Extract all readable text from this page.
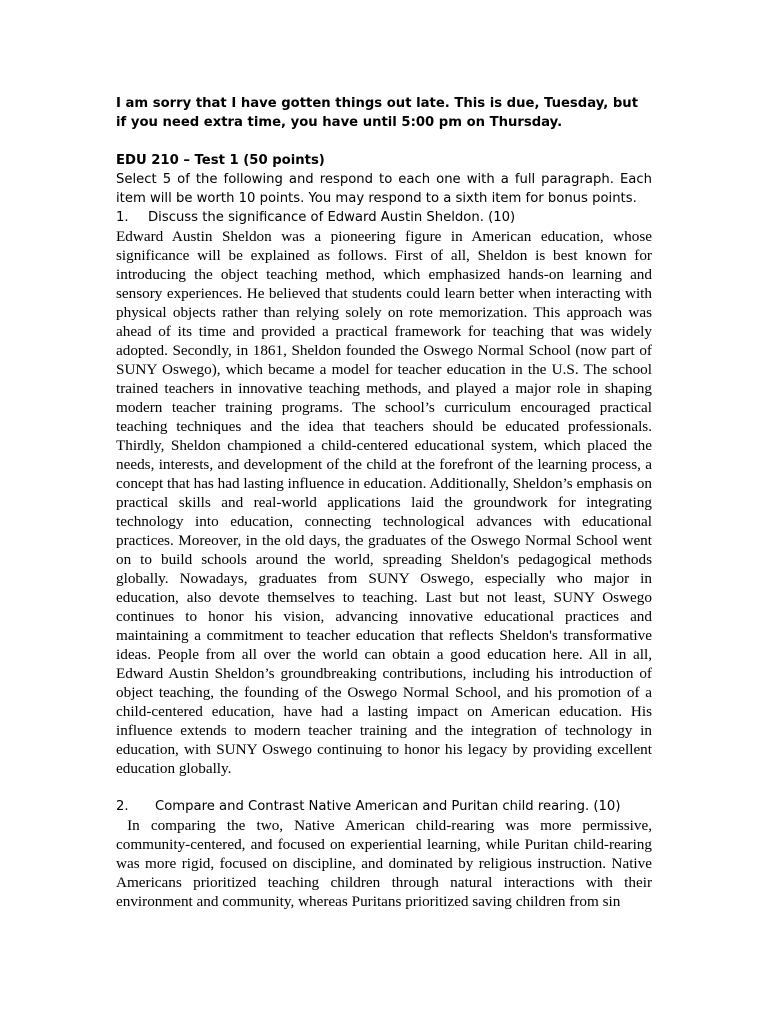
I am sorry that I have gotten things out late. This is due, Tuesday, but if you need extra time, you have until 5:00 pm on Thursday.

EDU 210 – Test 1 (50 points)

Select 5 of the following and respond to each one with a full paragraph. Each item will be worth 10 points. You may respond to a sixth item for bonus points.

1.	Discuss the significance of Edward Austin Sheldon. (10)

Edward Austin Sheldon was a pioneering figure in American education, whose significance will be explained as follows. First of all, Sheldon is best known for introducing the object teaching method, which emphasized hands-on learning and sensory experiences. He believed that students could learn better when interacting with physical objects rather than relying solely on rote memorization. This approach was ahead of its time and provided a practical framework for teaching that was widely adopted. Secondly, in 1861, Sheldon founded the Oswego Normal School (now part of SUNY Oswego), which became a model for teacher education in the U.S. The school trained teachers in innovative teaching methods, and played a major role in shaping modern teacher training programs. The school’s curriculum encouraged practical teaching techniques and the idea that teachers should be educated professionals. Thirdly, Sheldon championed a child-centered educational system, which placed the needs, interests, and development of the child at the forefront of the learning process, a concept that has had lasting influence in education. Additionally, Sheldon’s emphasis on practical skills and real-world applications laid the groundwork for integrating technology into education, connecting technological advances with educational practices. Moreover, in the old days, the graduates of the Oswego Normal School went on to build schools around the world, spreading Sheldon's pedagogical methods globally. Nowadays, graduates from SUNY Oswego, especially who major in education, also devote themselves to teaching. Last but not least, SUNY Oswego continues to honor his vision, advancing innovative educational practices and maintaining a commitment to teacher education that reflects Sheldon's transformative ideas. People from all over the world can obtain a good education here. All in all, Edward Austin Sheldon’s groundbreaking contributions, including his introduction of object teaching, the founding of the Oswego Normal School, and his promotion of a child-centered education, have had a lasting impact on American education. His influence extends to modern teacher training and the integration of technology in education, with SUNY Oswego continuing to honor his legacy by providing excellent education globally.

2.	Compare and Contrast Native American and Puritan child rearing. (10)

In comparing the two, Native American child-rearing was more permissive, community-centered, and focused on experiential learning, while Puritan child-rearing was more rigid, focused on discipline, and dominated by religious instruction. Native Americans prioritized teaching children through natural interactions with their environment and community, whereas Puritans prioritized saving children from sin
